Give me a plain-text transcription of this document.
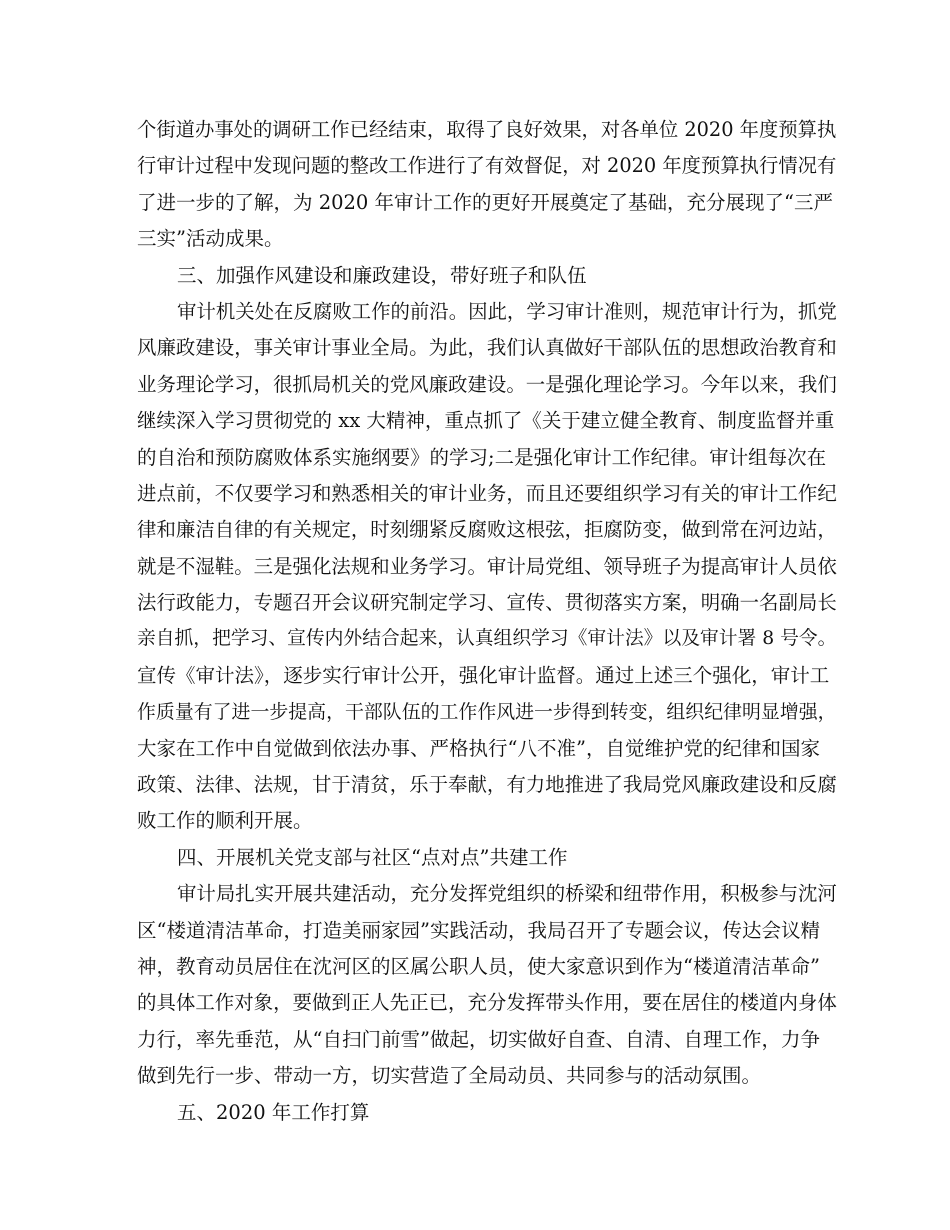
个街道办事处的调研工作已经结束，取得了良好效果，对各单位 2020 年度预算执
行审计过程中发现问题的整改工作进行了有效督促，对 2020 年度预算执行情况有
了进一步的了解，为 2020 年审计工作的更好开展奠定了基础，充分展现了“三严
三实”活动成果。
三、加强作风建设和廉政建设，带好班子和队伍
审计机关处在反腐败工作的前沿。因此，学习审计准则，规范审计行为，抓党
风廉政建设，事关审计事业全局。为此，我们认真做好干部队伍的思想政治教育和
业务理论学习，很抓局机关的党风廉政建设。一是强化理论学习。今年以来，我们
继续深入学习贯彻党的 xx 大精神，重点抓了《关于建立健全教育、制度监督并重
的自治和预防腐败体系实施纲要》的学习;二是强化审计工作纪律。审计组每次在
进点前，不仅要学习和熟悉相关的审计业务，而且还要组织学习有关的审计工作纪
律和廉洁自律的有关规定，时刻绷紧反腐败这根弦，拒腐防变，做到常在河边站，
就是不湿鞋。三是强化法规和业务学习。审计局党组、领导班子为提高审计人员依
法行政能力，专题召开会议研究制定学习、宣传、贯彻落实方案，明确一名副局长
亲自抓，把学习、宣传内外结合起来，认真组织学习《审计法》以及审计署 8 号令。
宣传《审计法》，逐步实行审计公开，强化审计监督。通过上述三个强化，审计工
作质量有了进一步提高，干部队伍的工作作风进一步得到转变，组织纪律明显增强，
大家在工作中自觉做到依法办事、严格执行“八不准”，自觉维护党的纪律和国家
政策、法律、法规，甘于清贫，乐于奉献，有力地推进了我局党风廉政建设和反腐
败工作的顺利开展。
四、开展机关党支部与社区“点对点”共建工作
审计局扎实开展共建活动，充分发挥党组织的桥梁和纽带作用，积极参与沈河
区“楼道清洁革命，打造美丽家园”实践活动，我局召开了专题会议，传达会议精
神，教育动员居住在沈河区的区属公职人员，使大家意识到作为“楼道清洁革命”
的具体工作对象，要做到正人先正已，充分发挥带头作用，要在居住的楼道内身体
力行，率先垂范，从“自扫门前雪”做起，切实做好自查、自清、自理工作，力争
做到先行一步、带动一方，切实营造了全局动员、共同参与的活动氛围。
五、2020 年工作打算
